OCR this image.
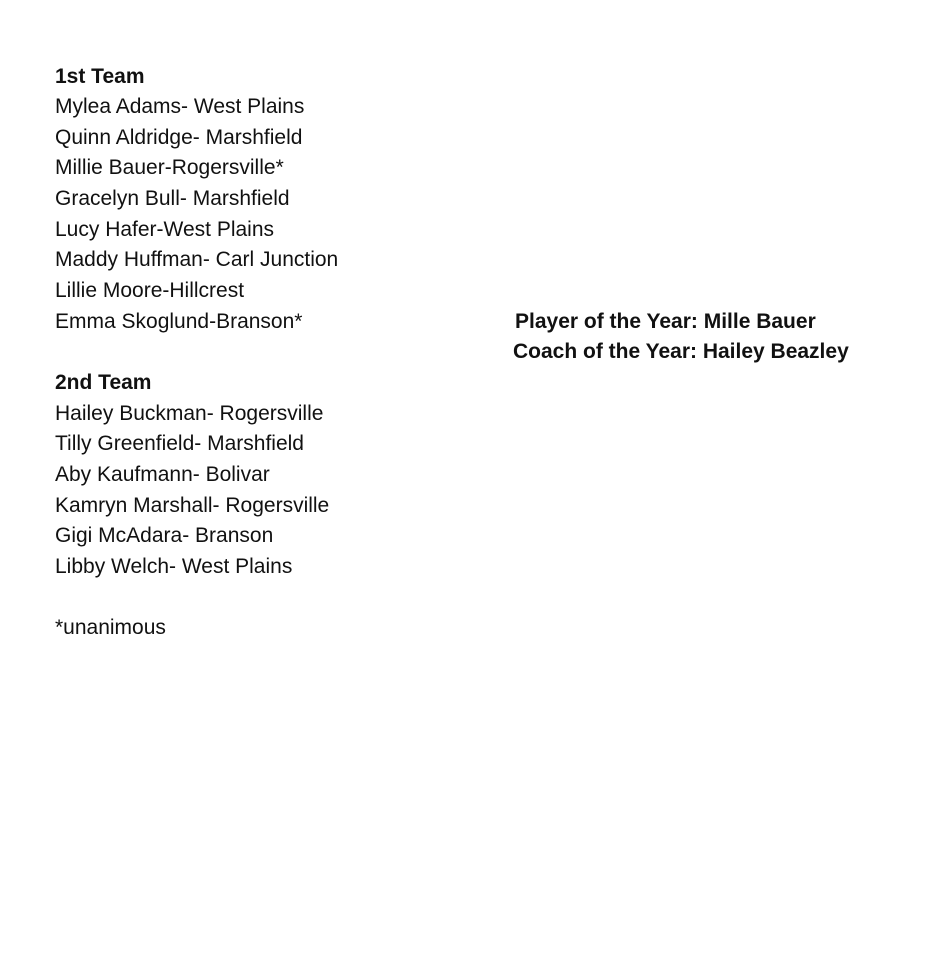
1st Team
Mylea Adams- West Plains
Quinn Aldridge- Marshfield
Millie Bauer-Rogersville*
Gracelyn Bull- Marshfield
Lucy Hafer-West Plains
Maddy Huffman- Carl Junction
Lillie Moore-Hillcrest
Emma Skoglund-Branson*	Player of the Year: Mille Bauer
Coach of the Year: Hailey Beazley
2nd Team
Hailey Buckman- Rogersville
Tilly Greenfield- Marshfield
Aby Kaufmann- Bolivar
Kamryn Marshall- Rogersville
Gigi McAdara- Branson
Libby Welch- West Plains
*unanimous
